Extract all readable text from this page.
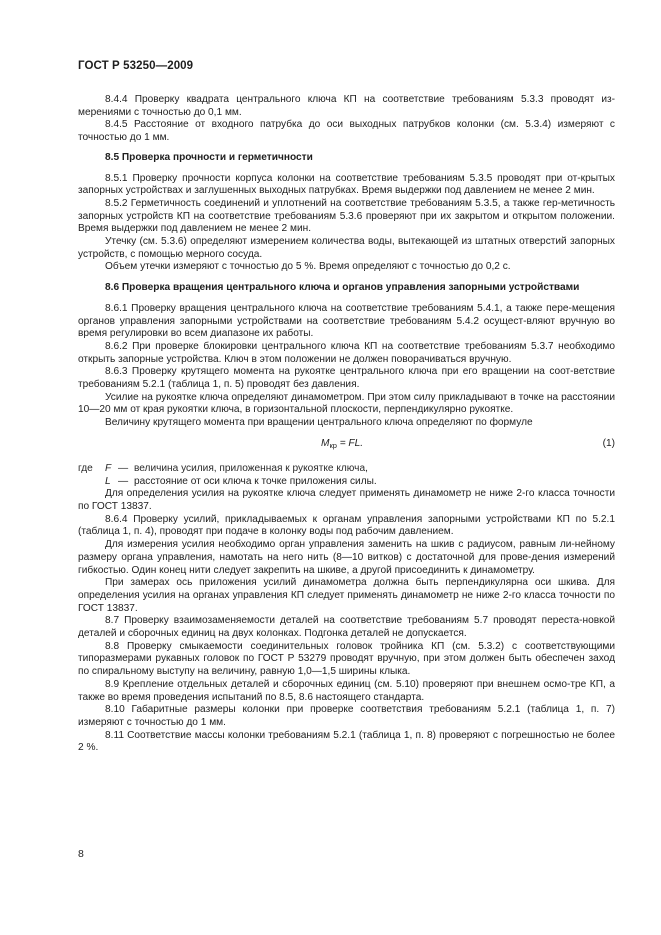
ГОСТ Р 53250—2009

8.4.4 Проверку квадрата центрального ключа КП на соответствие требованиям 5.3.3 проводят из-мерениями с точностью до 0,1 мм.

8.4.5 Расстояние от входного патрубка до оси выходных патрубков колонки (см. 5.3.4) измеряют с точностью до 1 мм.

8.5 Проверка прочности и герметичности

8.5.1 Проверку прочности корпуса колонки на соответствие требованиям 5.3.5 проводят при от-крытых запорных устройствах и заглушенных выходных патрубках. Время выдержки под давлением не менее 2 мин.

8.5.2 Герметичность соединений и уплотнений на соответствие требованиям 5.3.5, а также гер-метичность запорных устройств КП на соответствие требованиям 5.3.6 проверяют при их закрытом и открытом положении. Время выдержки под давлением не менее 2 мин.

Утечку (см. 5.3.6) определяют измерением количества воды, вытекающей из штатных отверстий запорных устройств, с помощью мерного сосуда.

Объем утечки измеряют с точностью до 5 %. Время определяют с точностью до 0,2 с.

8.6 Проверка вращения центрального ключа и органов управления запорными устройствами

8.6.1 Проверку вращения центрального ключа на соответствие требованиям 5.4.1, а также пере-мещения органов управления запорными устройствами на соответствие требованиям 5.4.2 осущест-вляют вручную во время регулировки во всем диапазоне их работы.

8.6.2 При проверке блокировки центрального ключа КП на соответствие требованиям 5.3.7 необходимо открыть запорные устройства. Ключ в этом положении не должен поворачиваться вручную.

8.6.3 Проверку крутящего момента на рукоятке центрального ключа при его вращении на соот-ветствие требованиям 5.2.1 (таблица 1, п. 5) проводят без давления.

Усилие на рукоятке ключа определяют динамометром. При этом силу прикладывают в точке на расстоянии 10—20 мм от края рукоятки ключа, в горизонтальной плоскости, перпендикулярно рукоятке.

Величину крутящего момента при вращении центрального ключа определяют по формуле

$M_{кр}$ = FL.	(1)

где F — величина усилия, приложенная к рукоятке ключа,

L — расстояние от оси ключа к точке приложения силы.

Для определения усилия на рукоятке ключа следует применять динамометр не ниже 2-го класса точности по ГОСТ 13837.

8.6.4 Проверку усилий, прикладываемых к органам управления запорными устройствами КП по 5.2.1 (таблица 1, п. 4), проводят при подаче в колонку воды под рабочим давлением.

Для измерения усилия необходимо орган управления заменить на шкив с радиусом, равным ли-нейному размеру органа управления, намотать на него нить (8—10 витков) с достаточной для прове-дения измерений гибкостью. Один конец нити следует закрепить на шкиве, а другой присоединить к динамометру.

При замерах ось приложения усилий динамометра должна быть перпендикулярна оси шкива. Для определения усилия на органах управления КП следует применять динамометр не ниже 2-го класса точности по ГОСТ 13837.

8.7 Проверку взаимозаменяемости деталей на соответствие требованиям 5.7 проводят переста-новкой деталей и сборочных единиц на двух колонках. Подгонка деталей не допускается.

8.8 Проверку смыкаемости соединительных головок тройника КП (см. 5.3.2) с соответствующими типоразмерами рукавных головок по ГОСТ Р 53279 проводят вручную, при этом должен быть обеспечен заход по спиральному выступу на величину, равную 1,0—1,5 ширины клыка.

8.9 Крепление отдельных деталей и сборочных единиц (см. 5.10) проверяют при внешнем осмо-тре КП, а также во время проведения испытаний по 8.5, 8.6 настоящего стандарта.

8.10 Габаритные размеры колонки при проверке соответствия требованиям 5.2.1 (таблица 1, п. 7) измеряют с точностью до 1 мм.

8.11 Соответствие массы колонки требованиям 5.2.1 (таблица 1, п. 8) проверяют с погрешностью не более 2 %.

8
